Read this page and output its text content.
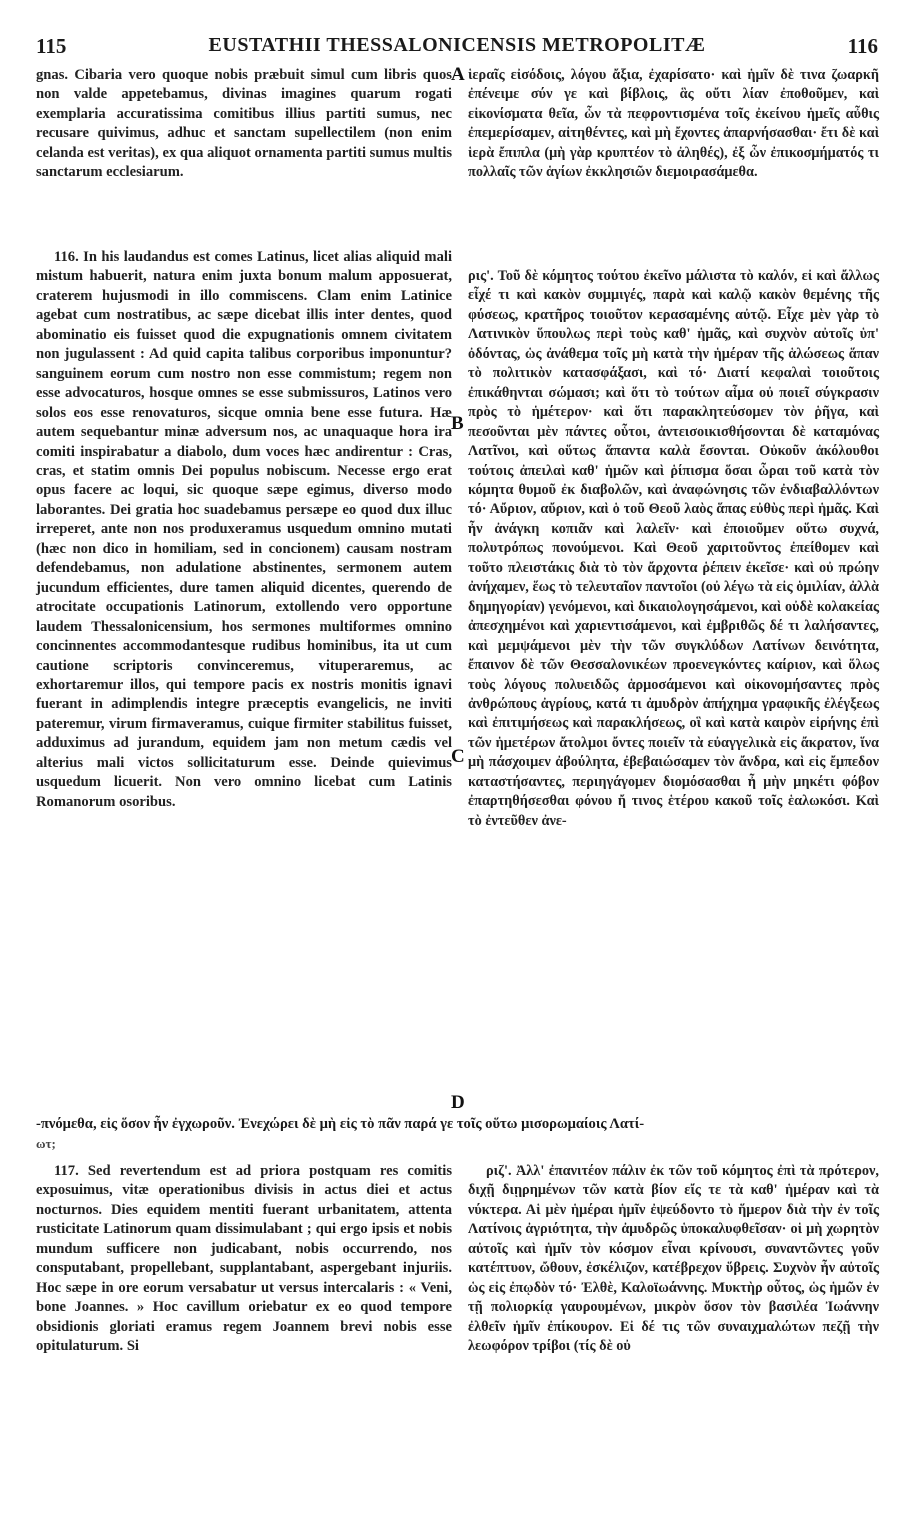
115	EUSTATHII THESSALONICENSIS METROPOLITÆ	116

gnas. Cibaria vero quoque nobis præbuit simul cum libris quos non valde appetebamus, divinas imagines quarum rogati exemplaria accuratissima comitibus illius partiti sumus, nec recusare quivimus, adhuc et sanctam supellectilem (non enim celanda est veritas), ex qua aliquot ornamenta partiti sumus multis sanctarum ecclesiarum.

116. In his laudandus est comes Latinus, licet alias aliquid mali mistum habuerit, natura enim juxta bonum malum apposuerat, craterem hujusmodi in illo commiscens. Clam enim Latinice agebat cum nostratibus, ac sæpe dicebat illis inter dentes, quod abominatio eis fuisset quod die expugnationis omnem civitatem non jugulassent : Ad quid capita talibus corporibus imponuntur? sanguinem eorum cum nostro non esse commistum; regem non esse advocaturos, hosque omnes se esse submissuros, Latinos vero solos eos esse renovaturos, sicque omnia bene esse futura. Hæ autem sequebantur minæ adversum nos, ac unaquaque hora ira comiti inspirabatur a diabolo, dum voces hæc andirentur : Cras, cras, et statim omnis Dei populus nobiscum. Necesse ergo erat opus facere ac loqui, sic quoque sæpe egimus, diverso modo laborantes. Dei gratia hoc suadebamus persæpe eo quod dux illuc irreperet, ante non nos produxeramus usquedum omnino mutati (hæc non dico in homiliam, sed in concionem) causam nostram defendebamus, non adulatione abstinentes, sermonem autem jucundum efficientes, dure tamen aliquid dicentes, querendo de atrocitate occupationis Latinorum, extollendo vero opportune laudem Thessalonicensium, hos sermones multiformes omnino concinnentes accommodantesque rudibus hominibus, ita ut cum cautione scriptoris convinceremus, vituperaremus, ac exhortaremur illos, qui tempore pacis ex nostris monitis ignavi fuerant in adimplendis integre præceptis evangelicis, ne inviti pateremur, virum firmaveramus, cuique firmiter stabilitus fuisset, adduximus ad jurandum, equidem jam non metum cædis vel alterius mali victos sollicitaturum esse. Deinde quievimus usquedum licuerit. Non vero omnino licebat cum Latinis Romanorum osoribus.

ωτ;

117. Sed revertendum est ad priora postquam res comitis exposuimus, vitæ operationibus divisis in actus diei et actus nocturnos. Dies equidem mentiti fuerant urbanitatem, attenta rusticitate Latinorum quam dissimulabant ; qui ergo ipsis et nobis mundum sufficere non judicabant, nobis occurrendo, nos consputabant, propellebant, supplantabant, aspergebant injuriis. Hoc sæpe in ore eorum versabatur ut versus intercalaris : « Veni, bone Joannes. » Hoc cavillum oriebatur ex eo quod tempore obsidionis gloriati eramus regem Joannem brevi nobis esse opitulaturum. Si

ἱεραῖς εἰσόδοις, λόγου ἄξια, ἐχαρίσατο· καὶ ἡμῖν δὲ τινα ζωαρκῆ ἐπένειμε σύν γε καὶ βίβλοις, ἃς οὔτι λίαν ἐποθοῦμεν, καὶ εἰκονίσματα θεῖα, ὧν τὰ πεφροντισμένα τοῖς ἐκείνου ἡμεῖς αὖθις ἐπεμερίσαμεν, αἰτηθέντες, καὶ μὴ ἔχοντες ἀπαρνήσασθαι· ἔτι δὲ καὶ ἱερὰ ἔπιπλα (μὴ γὰρ κρυπτέον τὸ ἀληθές), ἐξ ὧν ἐπικοσμήματός τι πολλαῖς τῶν ἁγίων ἐκκλησιῶν διεμοιρασάμεθα.

ρις'. Τοῦ δὲ κόμητος τούτου ἐκεῖνο μάλιστα τὸ καλόν, εἰ καὶ ἄλλως εἶχέ τι καὶ κακὸν συμμιγές, παρὰ καὶ καλῷ κακὸν θεμένης τῆς φύσεως, κρατῆρος τοιοῦτον κερασαμένης αὐτῷ. Εἶχε μὲν γὰρ τὸ Λατινικὸν ὕπουλως περὶ τοὺς καθ' ἡμᾶς, καὶ συχνὸν αὐτοῖς ὑπ' ὀδόντας, ὡς ἀνάθεμα τοῖς μὴ κατὰ τὴν ἡμέραν τῆς ἁλώσεως ἅπαν τὸ πολιτικὸν κατασφάξασι, καὶ τό· Διατί κεφαλαὶ τοιοῦτοις ἐπικάθηνται σώμασι; καὶ ὅτι τὸ τούτων αἷμα οὐ ποιεῖ σύγκρασιν πρὸς τὸ ἡμέτερον· καὶ ὅτι παρακλητεύσομεν τὸν ῥῆγα, καὶ πεσοῦνται μὲν πάντες οὗτοι, ἀντεισοικισθήσονται δὲ καταμόνας Λατῖνοι, καὶ οὕτως ἅπαντα καλὰ ἔσονται. Οὐκοῦν ἀκόλουθοι τούτοις ἀπειλαὶ καθ' ἡμῶν καὶ ῥίπισμα ὅσαι ὧραι τοῦ κατὰ τὸν κόμητα θυμοῦ ἐκ διαβολῶν, καὶ ἀναφώνησις τῶν ἐνδιαβαλλόντων τό· Αὔριον, αὔριον, καὶ ὁ τοῦ Θεοῦ λαὸς ἅπας εὐθὺς περὶ ἡμᾶς. Καὶ ἦν ἀνάγκη κοπιᾶν καὶ λαλεῖν· καὶ ἐποιοῦμεν οὕτω συχνά, πολυτρόπως πονούμενοι. Καὶ Θεοῦ χαριτοῦντος ἐπείθομεν καὶ τοῦτο πλειστάκις διὰ τὸ τὸν ἄρχοντα ῥέπειν ἐκεῖσε· καὶ οὐ πρώην ἀνήχαμεν, ἕως τὸ τελευταῖον παντοῖοι (οὐ λέγω τὰ εἰς ὁμιλίαν, ἀλλὰ δημηγορίαν) γενόμενοι, καὶ δικαιολογησάμενοι, καὶ οὐδὲ κολακείας ἀπεσχημένοι καὶ χαριεντισάμενοι, καὶ ἐμβριθῶς δέ τι λαλήσαντες, καὶ μεμψάμενοι μὲν τὴν τῶν συγκλύδων Λατίνων δεινότητα, ἔπαινον δὲ τῶν Θεσσαλονικέων προενεγκόντες καίριον, καὶ ὅλως τοὺς λόγους πολυειδῶς ἁρμοσάμενοι καὶ οἰκονομήσαντες πρὸς ἀνθρώπους ἀγρίους, κατά τι ἀμυδρὸν ἀπήχημα γραφικῆς ἐλέγξεως καὶ ἐπιτιμήσεως καὶ παρακλήσεως, οἳ καὶ κατὰ καιρὸν εἰρήνης ἐπὶ τῶν ἡμετέρων ἄτολμοι ὄντες ποιεῖν τὰ εὐαγγελικὰ εἰς ἄκρατον, ἵνα μὴ πάσχοιμεν ἀβούλητα, ἐβεβαιώσαμεν τὸν ἄνδρα, καὶ εἰς ἔμπεδον καταστήσαντες, περιηγάγομεν διομόσασθαι ἦ μὴν μηκέτι φόβον ἐπαρτηθήσεσθαι φόνου ἤ τινος ἑτέρου κακοῦ τοῖς ἑαλωκόσι. Καὶ τὸ ἐντεῦθεν ἀνε-

-πνόμεθα, εἰς ὅσον ἦν ἐγχωροῦν. Ἐνεχώρει δὲ μὴ εἰς τὸ πᾶν παρά γε τοῖς οὕτω μισορωμαίοις Λατί-

ριζ'. Ἀλλ' ἐπανιτέον πάλιν ἐκ τῶν τοῦ κόμητος ἐπὶ τὰ πρότερον, διχῇ διῃρημένων τῶν κατὰ βίον εἴς τε τὰ καθ' ἡμέραν καὶ τὰ νύκτερα. Αἱ μὲν ἡμέραι ἡμῖν ἐψεύδοντο τὸ ἥμερον διὰ τὴν ἐν τοῖς Λατίνοις ἀγριότητα, τὴν ἀμυδρῶς ὑποκαλυφθεῖσαν· οἱ μὴ χωρητὸν αὐτοῖς καὶ ἡμῖν τὸν κόσμον εἶναι κρίνουσι, συναντῶντες γοῦν κατέπτυον, ὤθουν, ἐσκέλιζον, κατέβρεχον ὕβρεις. Συχνὸν ἦν αὐτοῖς ὡς εἰς ἐπῳδὸν τό· Ἐλθὲ, Καλοϊωάννης. Μυκτὴρ οὗτος, ὡς ἡμῶν ἐν τῇ πολιορκίᾳ γαυρουμένων, μικρὸν ὅσον τὸν βασιλέα Ἰωάννην ἐλθεῖν ἡμῖν ἐπίκουρον. Εἰ δέ τις τῶν συναιχμαλώτων πεζῇ τὴν λεωφόρον τρίβοι (τίς δὲ οὐ

A
B
C
D
